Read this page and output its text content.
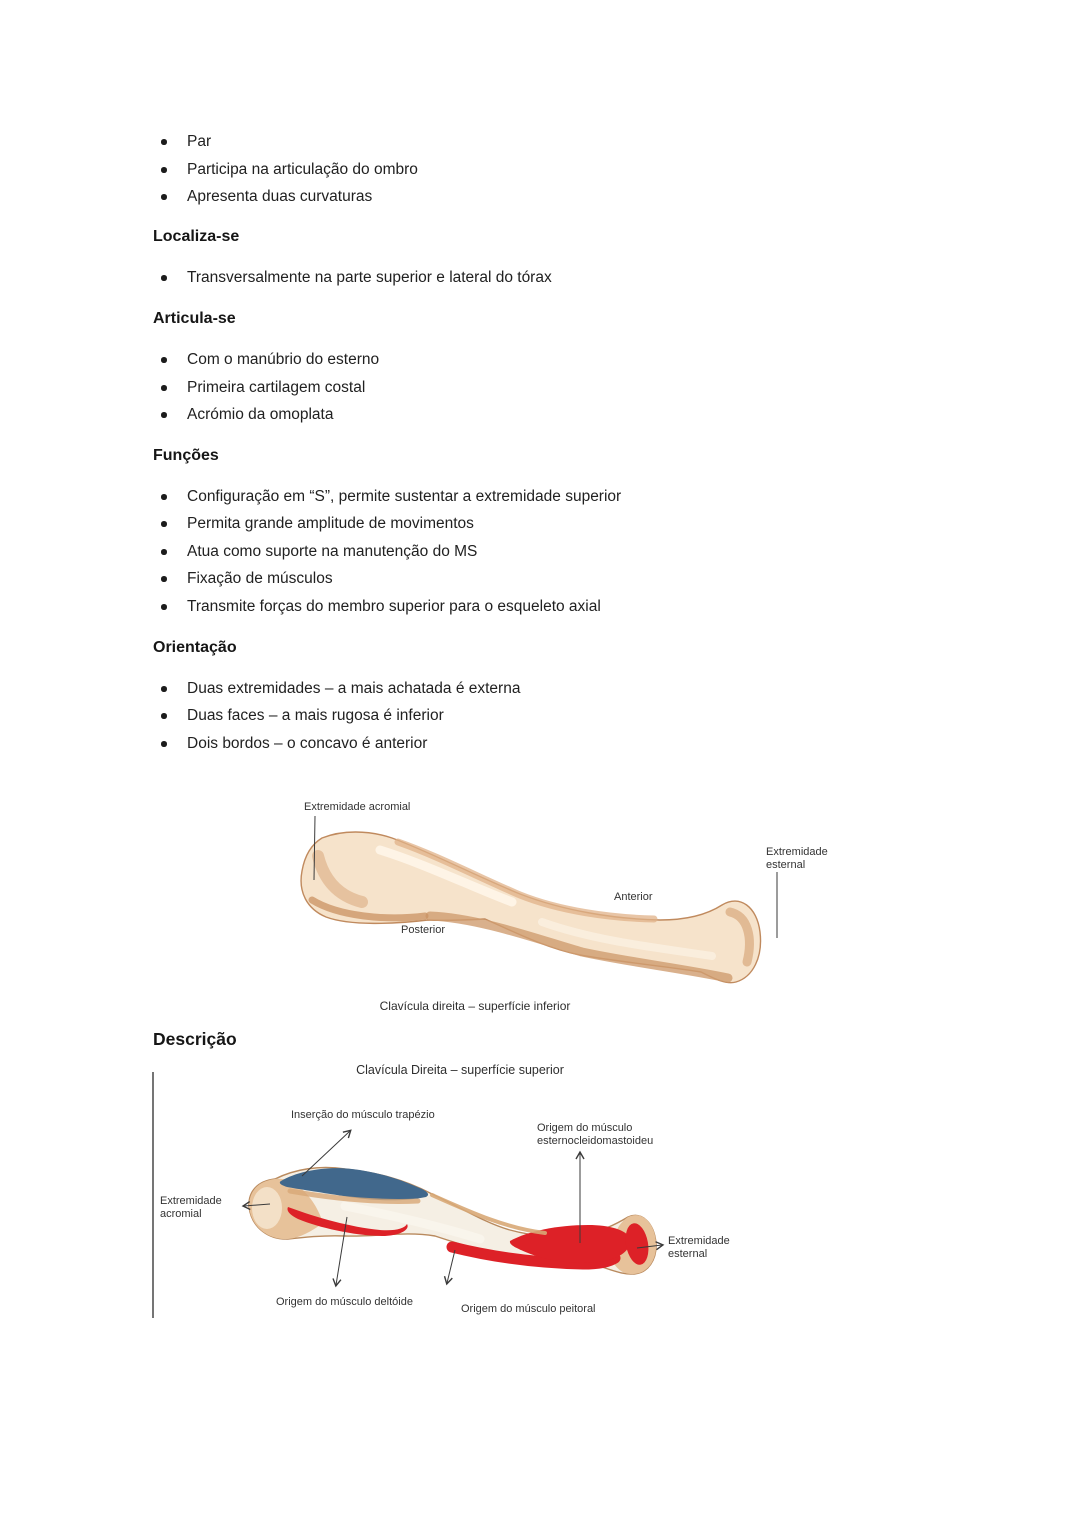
Par
Participa na articulação do ombro
Apresenta duas curvaturas
Localiza-se
Transversalmente na parte superior e lateral do tórax
Articula-se
Com o manúbrio do esterno
Primeira cartilagem costal
Acrómio da omoplata
Funções
Configuração em “S”, permite sustentar a extremidade superior
Permita grande amplitude de movimentos
Atua como suporte na manutenção do MS
Fixação de músculos
Transmite forças do membro superior para o esqueleto axial
Orientação
Duas extremidades – a mais achatada é externa
Duas faces – a mais rugosa é inferior
Dois bordos – o concavo é anterior
Extremidade acromial
Extremidade esternal
Anterior
Posterior
Clavícula direita – superfície inferior
Descrição
Clavícula Direita – superfície superior
Inserção do músculo trapézio
Origem do músculo esternocleidomastoideu
Extremidade acromial
Extremidade esternal
Origem do músculo deltóide
Origem do músculo peitoral
